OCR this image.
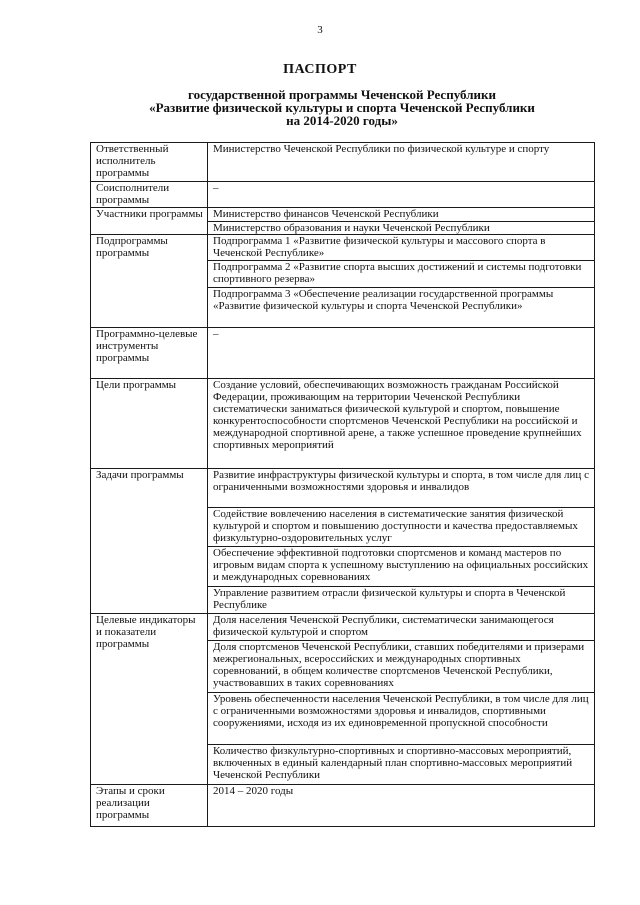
3
ПАСПОРТ
государственной программы Чеченской Республики
«Развитие физической культуры и спорта Чеченской Республики
на 2014-2020 годы»
Ответственный исполнитель программы	Министерство Чеченской Республики по физической культуре и спорту
Соисполнители программы	–
Участники программы	Министерство финансов Чеченской Республики
	Министерство образования и науки Чеченской Республики
Подпрограммы программы	Подпрограмма 1 «Развитие физической культуры и массового спорта в Чеченской Республике»
	Подпрограмма 2 «Развитие спорта высших достижений и системы подготовки спортивного резерва»
	Подпрограмма 3 «Обеспечение реализации государственной программы «Развитие физической культуры и спорта Чеченской Республики»
Программно-целевые инструменты программы	–
Цели программы	Создание условий, обеспечивающих возможность гражданам Российской Федерации, проживающим на территории Чеченской Республики систематически заниматься физической культурой и спортом, повышение конкурентоспособности спортсменов Чеченской Республики на российской и международной спортивной арене, а также успешное проведение крупнейших спортивных мероприятий
Задачи программы	Развитие инфраструктуры физической культуры и спорта, в том числе для лиц с ограниченными возможностями здоровья и инвалидов
	Содействие вовлечению населения в систематические занятия физической культурой и спортом и повышению доступности и качества предоставляемых физкультурно-оздоровительных услуг
	Обеспечение эффективной подготовки спортсменов и команд мастеров по игровым видам спорта к успешному выступлению на официальных российских и международных соревнованиях
	Управление развитием отрасли физической культуры и спорта в Чеченской Республике
Целевые индикаторы и показатели программы	Доля населения Чеченской Республики, систематически занимающегося физической культурой и спортом
	Доля спортсменов Чеченской Республики, ставших победителями и призерами межрегиональных, всероссийских и международных спортивных соревнований, в общем количестве спортсменов Чеченской Республики, участвовавших в таких соревнованиях
	Уровень обеспеченности населения Чеченской Республики, в том числе для лиц с ограниченными возможностями здоровья и инвалидов, спортивными сооружениями, исходя из их единовременной пропускной способности
	Количество физкультурно-спортивных и спортивно-массовых мероприятий, включенных в единый календарный план спортивно-массовых мероприятий Чеченской Республики
Этапы и сроки реализации программы	2014 – 2020 годы
